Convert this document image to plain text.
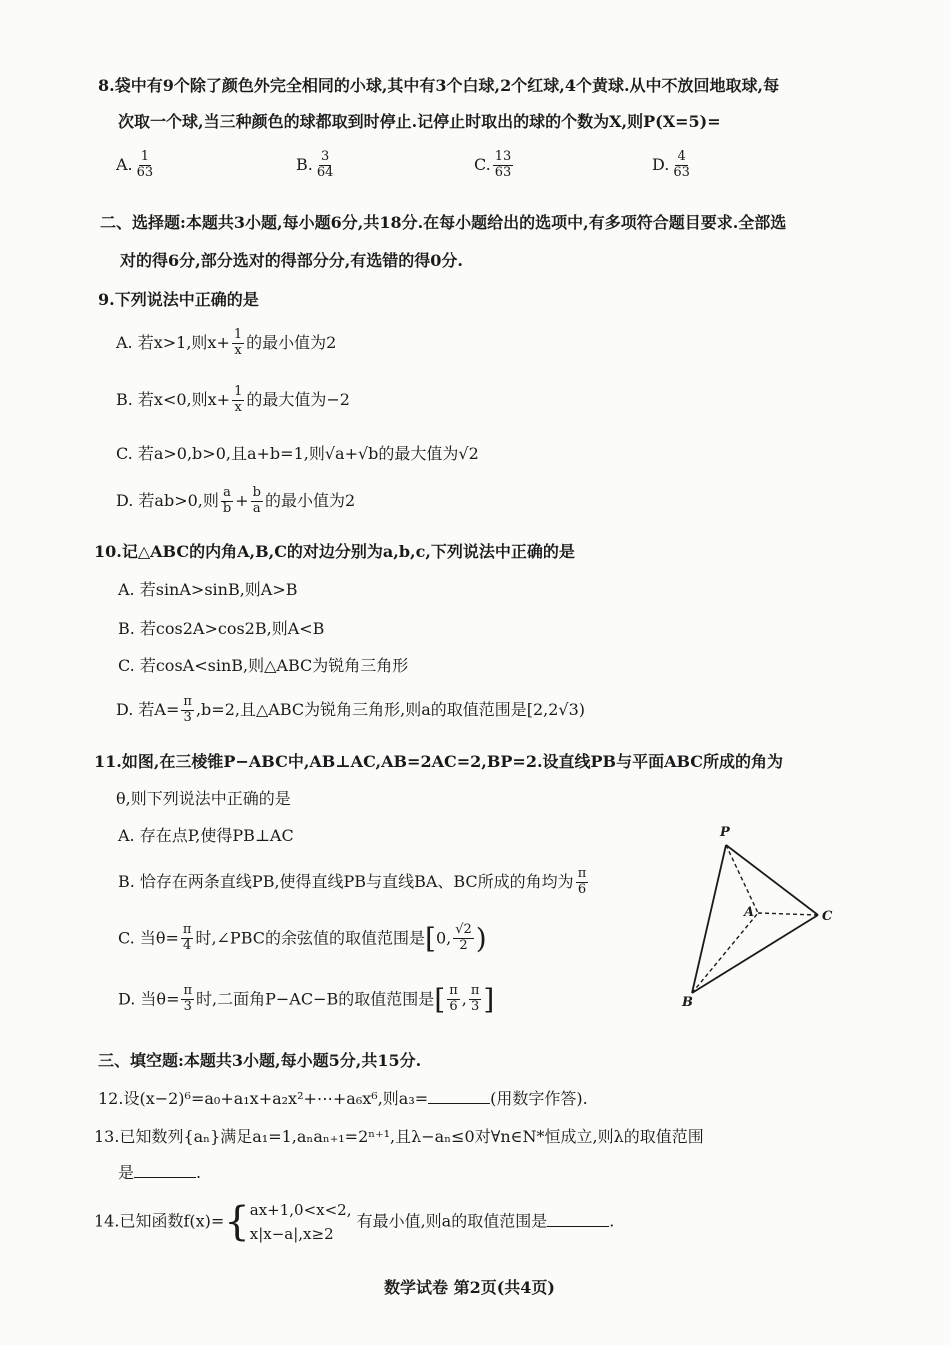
8.袋中有9个除了颜色外完全相同的小球,其中有3个白球,2个红球,4个黄球.从中不放回地取球,每
次取一个球,当三种颜色的球都取到时停止.记停止时取出的球的个数为X,则P(X=5)=
A. $\frac{1}{63}$	B. $\frac{3}{64}$	C. $\frac{13}{63}$	D. $\frac{4}{63}$
二、选择题:本题共3小题,每小题6分,共18分.在每小题给出的选项中,有多项符合题目要求.全部选
对的得6分,部分选对的得部分分,有选错的得0分.
9.下列说法中正确的是
A. 若x>1,则$x+ \frac{1}{x}$ 的最小值为2
B. 若x<0,则$x+ \frac{1}{x}$ 的最大值为−2
C. 若a>0,b>0,且a+b=1,则√a+√b的最大值为√2
D. 若ab>0,则 $\frac{a}{b} + \frac{b}{a}$ 的最小值为2
10.记△ABC的内角A,B,C的对边分别为a,b,c,下列说法中正确的是
A. 若sinA>sinB,则A>B
B. 若cos2A>cos2B,则A<B
C. 若cosA<sinB,则△ABC为锐角三角形
D. 若$A= \frac{\pi}{3} ,b=2$,且△ABC为锐角三角形,则a的取值范围是[2,2√3)
11.如图,在三棱锥P−ABC中,AB⊥AC,AB=2AC=2,BP=2.设直线PB与平面ABC所成的角为
θ,则下列说法中正确的是
A. 存在点P,使得PB⊥AC
B. 恰存在两条直线PB,使得直线PB与直线BA、BC所成的角均为 $\frac{\pi}{6}$
C. 当$\theta= \frac{\pi}{4}$ 时,∠PBC的余弦值的取值范围是[0, $\frac{√2}{2}$ )
D. 当$\theta= \frac{\pi}{3}$ 时,二面角P−AC−B的取值范围是[ $\frac{\pi}{6}$ , $\frac{\pi}{3}$ ]
P
A
B
C
三、填空题:本题共3小题,每小题5分,共15分.
12.设(x−2)⁶=a₀+a₁x+a₂x²+⋯+a₆x⁶,则a₃=	(用数字作答).
13.已知数列{aₙ}满足a₁=1,aₙaₙ₊₁=2ⁿ⁺¹,且λ−aₙ≤0对∀n∈N*恒成立,则λ的取值范围
是	.
14.已知函数f(x)={ ax+1,0<x<2,
x|x−a|,x≥2
有最小值,则a的取值范围是	.
数学试卷 第2页(共4页)
